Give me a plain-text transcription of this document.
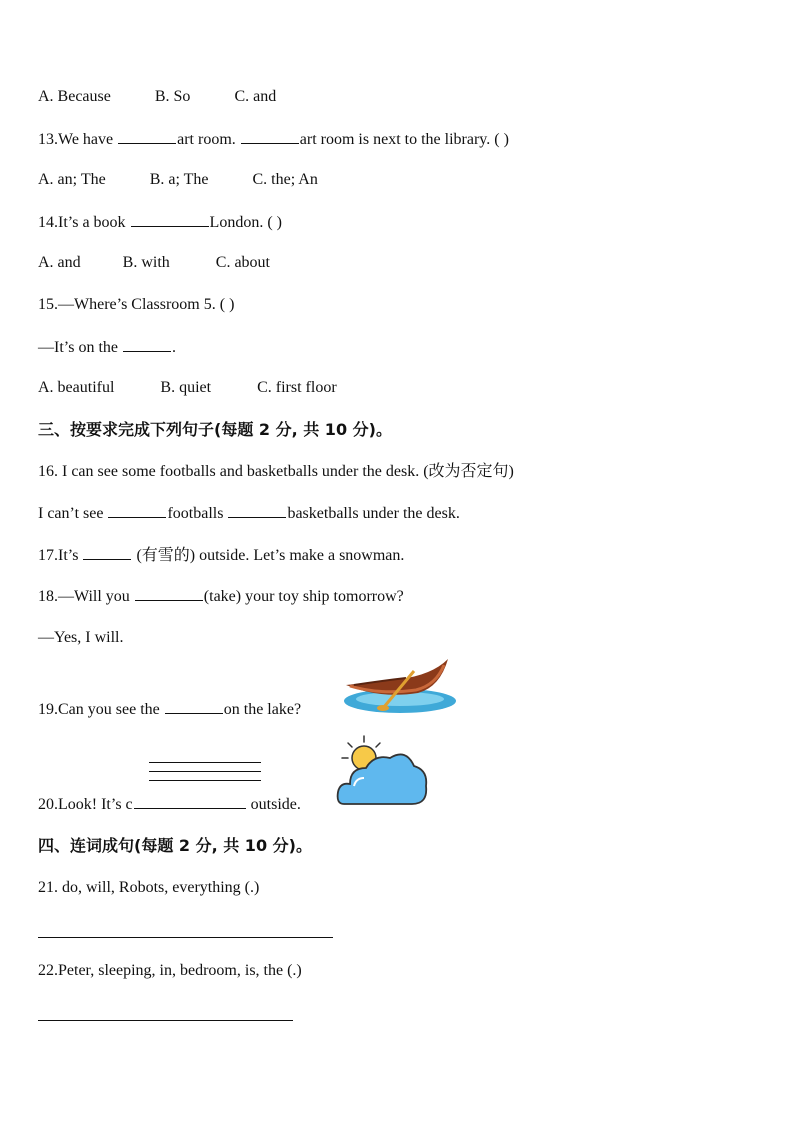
A. Because	B. So	C. and
13.We have	art room.	art room is next to the library. ( )
A. an; The	B. a; The	C. the; An
14.It’s a book	London. ( )
A. and	B. with	C. about
15.—Where’s Classroom 5. ( )
—It’s on the	.
A. beautiful	B. quiet	C. first floor
三、按要求完成下列句子(每题 2 分, 共 10 分)。
16. I can see some footballs and basketballs under the desk. (改为否定句)
I can’t see	footballs	basketballs under the desk.
17.It’s	(有雪的) outside. Let’s make a snowman.
18.—Will you	(take) your toy ship tomorrow?
—Yes, I will.
19.Can you see the	on the lake?
20.Look! It’s c	outside.
四、连词成句(每题 2 分, 共 10 分)。
21. do, will, Robots, everything (.)
22.Peter, sleeping, in, bedroom, is, the (.)
